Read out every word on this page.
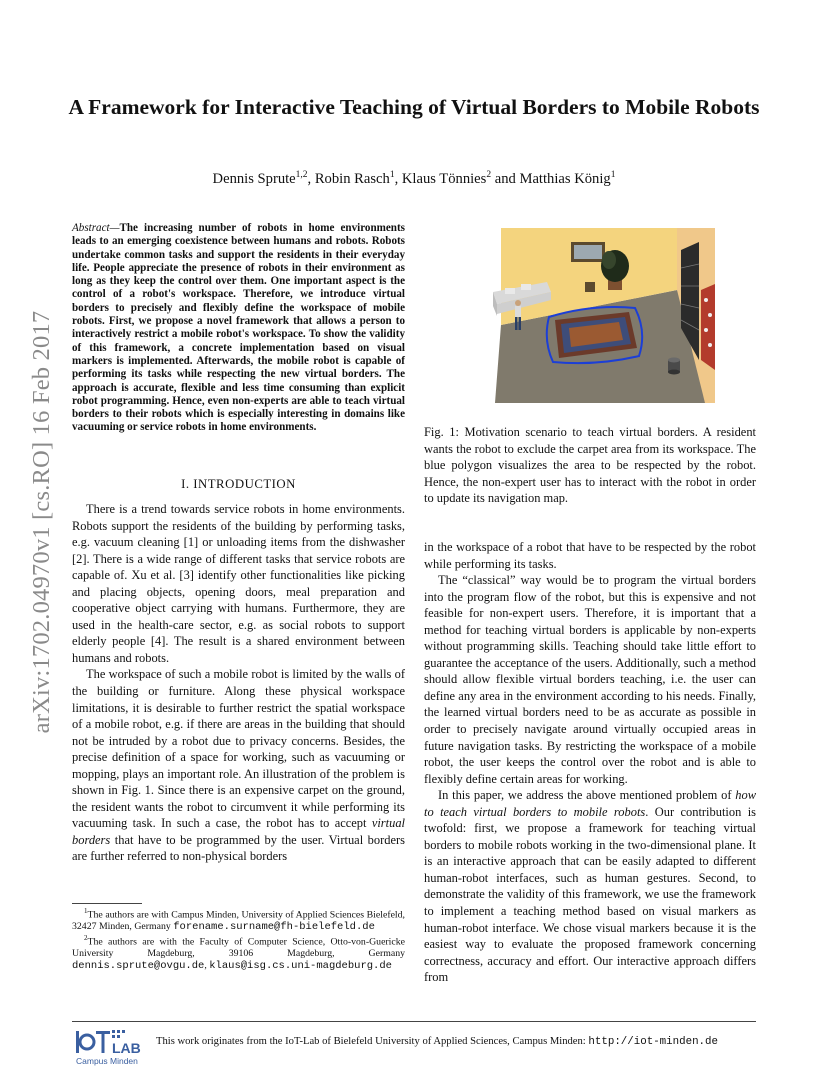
arXiv:1702.04970v1 [cs.RO] 16 Feb 2017
A Framework for Interactive Teaching of Virtual Borders to Mobile Robots
Dennis Sprute$^{1,2}$, Robin Rasch$^1$, Klaus Tönnies$^2$ and Matthias König$^1$
Abstract—The increasing number of robots in home environments leads to an emerging coexistence between humans and robots. Robots undertake common tasks and support the residents in their everyday life. People appreciate the presence of robots in their environment as long as they keep the control over them. One important aspect is the control of a robot's workspace. Therefore, we introduce virtual borders to precisely and flexibly define the workspace of mobile robots. First, we propose a novel framework that allows a person to interactively restrict a mobile robot's workspace. To show the validity of this framework, a concrete implementation based on visual markers is implemented. Afterwards, the mobile robot is capable of performing its tasks while respecting the new virtual borders. The approach is accurate, flexible and less time consuming than explicit robot programming. Hence, even non-experts are able to teach virtual borders to their robots which is especially interesting in domains like vacuuming or service robots in home environments.
I. INTRODUCTION

There is a trend towards service robots in home environments. Robots support the residents of the building by performing tasks, e.g. vacuum cleaning [1] or unloading items from the dishwasher [2]. There is a wide range of different tasks that service robots are capable of. Xu et al. [3] identify other functionalities like picking and placing objects, opening doors, meal preparation and cooperative object carrying with humans. Furthermore, they are used in the health-care sector, e.g. as social robots to support elderly people [4]. The result is a shared environment between humans and robots.

The workspace of such a mobile robot is limited by the walls of the building or furniture. Along these physical workspace limitations, it is desirable to further restrict the spatial workspace of a mobile robot, e.g. if there are areas in the building that should not be intruded by a robot due to privacy concerns. Besides, the precise definition of a space for working, such as vacuuming or mopping, plays an important role. An illustration of the problem is shown in Fig. 1. Since there is an expensive carpet on the ground, the resident wants the robot to circumvent it while performing its vacuuming task. In such a case, the robot has to accept virtual borders that have to be programmed by the user. Virtual borders are further referred to non-physical borders

$^1$The authors are with Campus Minden, University of Applied Sciences Bielefeld, 32427 Minden, Germany forename.surname@fh-bielefeld.de

$^2$The authors are with the Faculty of Computer Science, Otto-von-Guericke University Magdeburg, 39106 Magdeburg, Germany dennis.sprute@ovgu.de, klaus@isg.cs.uni-magdeburg.de

Fig. 1: Motivation scenario to teach virtual borders. A resident wants the robot to exclude the carpet area from its workspace. The blue polygon visualizes the area to be respected by the robot. Hence, the non-expert user has to interact with the robot in order to update its navigation map.

in the workspace of a robot that have to be respected by the robot while performing its tasks.

The “classical” way would be to program the virtual borders into the program flow of the robot, but this is expensive and not feasible for non-expert users. Therefore, it is important that a method for teaching virtual borders is applicable by non-experts without programming skills. Teaching should take little effort to guarantee the acceptance of the users. Additionally, such a method should allow flexible virtual borders teaching, i.e. the user can define any area in the environment according to his needs. Finally, the learned virtual borders need to be as accurate as possible in order to precisely navigate around virtually occupied areas in future navigation tasks. By restricting the workspace of a mobile robot, the user keeps the control over the robot and is able to flexibly define certain areas for working.

In this paper, we address the above mentioned problem of how to teach virtual borders to mobile robots. Our contribution is twofold: first, we propose a framework for teaching virtual borders to mobile robots working in the two-dimensional plane. It is an interactive approach that can be easily adapted to different human-robot interfaces, such as human gestures. Second, to demonstrate the validity of this framework, we use the framework to implement a teaching method based on visual markers as human-robot interface. We chose visual markers because it is the easiest way to evaluate the proposed framework concerning correctness, accuracy and effort. Our interactive approach differs from

LAB
Campus Minden
This work originates from the IoT-Lab of Bielefeld University of Applied Sciences, Campus Minden: http://iot-minden.de
